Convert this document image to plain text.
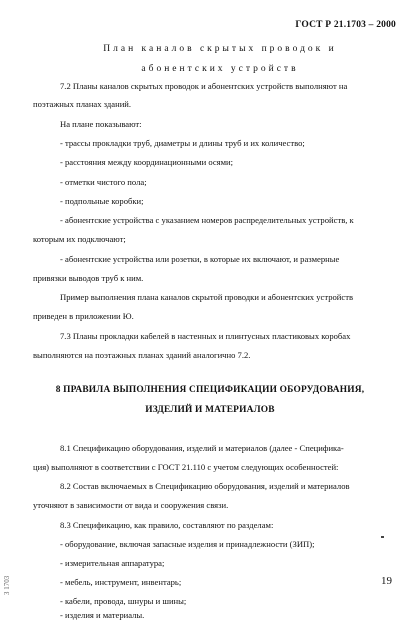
ГОСТ Р 21.1703 – 2000
План каналов скрытых проводок и
абонентских устройств
7.2 Планы каналов скрытых проводок и абонентских устройств выполняют на
поэтажных планах зданий.
На плане показывают:
- трассы прокладки труб, диаметры и длины труб и их количество;
- расстояния между координационными осями;
- отметки чистого пола;
- подпольные коробки;
- абонентские устройства с указанием номеров распределительных устройств, к
которым их подключают;
- абонентские устройства или розетки, в которые их включают, и размерные
привязки выводов труб к ним.
Пример выполнения плана каналов скрытой проводки и абонентских устройств
приведен в приложении Ю.
7.3 Планы прокладки кабелей в настенных и плинтусных пластиковых коробах
выполняются на поэтажных планах зданий аналогично 7.2.
8 ПРАВИЛА ВЫПОЛНЕНИЯ СПЕЦИФИКАЦИИ ОБОРУДОВАНИЯ,
ИЗДЕЛИЙ И МАТЕРИАЛОВ
8.1 Спецификацию оборудования, изделий и материалов (далее - Специфика-
ция) выполняют в соответствии с ГОСТ 21.110 с учетом следующих особенностей:
8.2 Состав включаемых в Спецификацию оборудования, изделий и материалов
уточняют в зависимости от вида и сооружения связи.
8.3 Спецификацию, как правило, составляют по разделам:
- оборудование, включая запасные изделия и принадлежности (ЗИП);
- измерительная аппаратура;
- мебель, инструмент, инвентарь;
- кабели, провода, шнуры и шины;
- изделия и материалы.
19
З 1703
